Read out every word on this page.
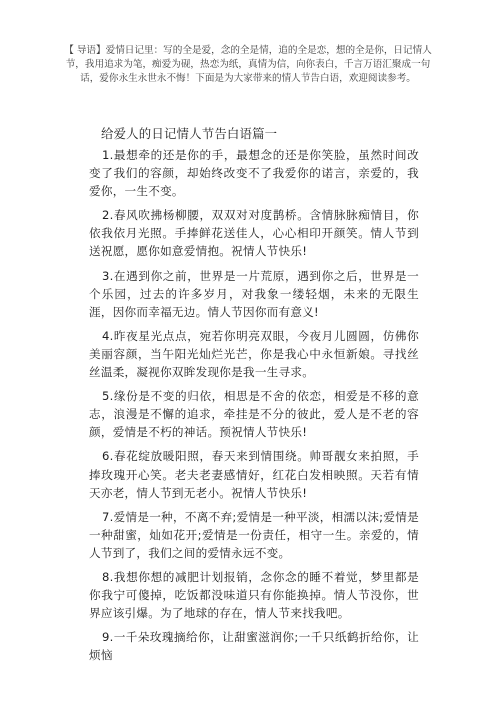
【 导语】爱情日记里：写的全是爱，念的全是情，追的全是恋，想的全是你，日记情人节，我用追求为笔，痴爱为砚，热恋为纸，真情为信，向你表白，千言万语汇聚成一句话，爱你永生永世永不悔！下面是为大家带来的情人节告白语，欢迎阅读参考。
给爱人的日记情人节告白语篇一

1.最想牵的还是你的手，最想念的还是你笑脸，虽然时间改变了我们的容颜，却始终改变不了我爱你的诺言，亲爱的，我爱你，一生不变。

2.春风吹拂杨柳腰，双双对对度鹊桥。含情脉脉痴情目，你依我依月光照。手捧鲜花送佳人，心心相印开颜笑。情人节到送祝愿，愿你如意爱情抱。祝情人节快乐!

3.在遇到你之前，世界是一片荒原，遇到你之后，世界是一个乐园，过去的许多岁月，对我象一缕轻烟，未来的无限生涯，因你而幸福无边。情人节因你而有意义!

4.昨夜星光点点，宛若你明亮双眼，今夜月儿圆圆，仿佛你美丽容颜，当午阳光灿烂光芒，你是我心中永恒新娘。寻找丝丝温柔，凝视你双眸发现你是我一生寻求。

5.缘份是不变的归依，相思是不舍的依恋，相爱是不移的意志，浪漫是不懈的追求，牵挂是不分的彼此，爱人是不老的容颜，爱情是不朽的神话。预祝情人节快乐!

6.春花绽放暖阳照，春天来到情围绕。帅哥靓女来拍照，手捧玫瑰开心笑。老夫老妻感情好，红花白发相映照。天若有情天亦老，情人节到无老小。祝情人节快乐!

7.爱情是一种，不离不弃;爱情是一种平淡，相濡以沫;爱情是一种甜蜜，灿如花开;爱情是一份责任，相守一生。亲爱的，情人节到了，我们之间的爱情永远不变。

8.我想你想的减肥计划报销，念你念的睡不着觉，梦里都是你我宁可傻掉，吃饭都没味道只有你能换掉。情人节没你，世界应该引爆。为了地球的存在，情人节来找我吧。

9.一千朵玫瑰摘给你，让甜蜜滋润你;一千只纸鹤折给你，让烦恼
